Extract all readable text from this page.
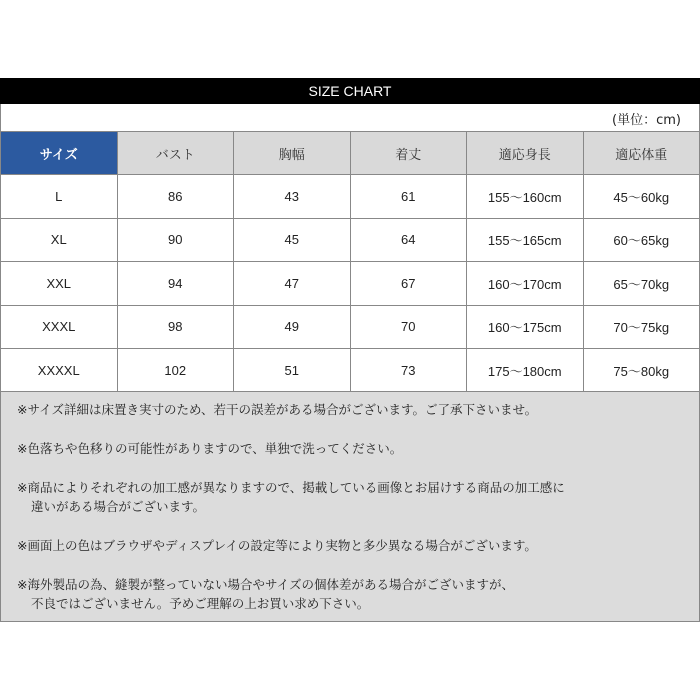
SIZE CHART
(単位：cm)
サイズ	バスト	胸幅	着丈	適応身長	適応体重
L	86	43	61	155～160cm	45～60kg
XL	90	45	64	155～165cm	60～65kg
XXL	94	47	67	160～170cm	65～70kg
XXXL	98	49	70	160～175cm	70～75kg
XXXXL	102	51	73	175～180cm	75～80kg
※サイズ詳細は床置き実寸のため、若干の誤差がある場合がございます。ご了承下さいませ。
※色落ちや色移りの可能性がありますので、単独で洗ってください。
※商品によりそれぞれの加工感が異なりますので、掲載している画像とお届けする商品の加工感に
違いがある場合がございます。
※画面上の色はブラウザやディスプレイの設定等により実物と多少異なる場合がございます。
※海外製品の為、縫製が整っていない場合やサイズの個体差がある場合がございますが、
不良ではございません。予めご理解の上お買い求め下さい。
